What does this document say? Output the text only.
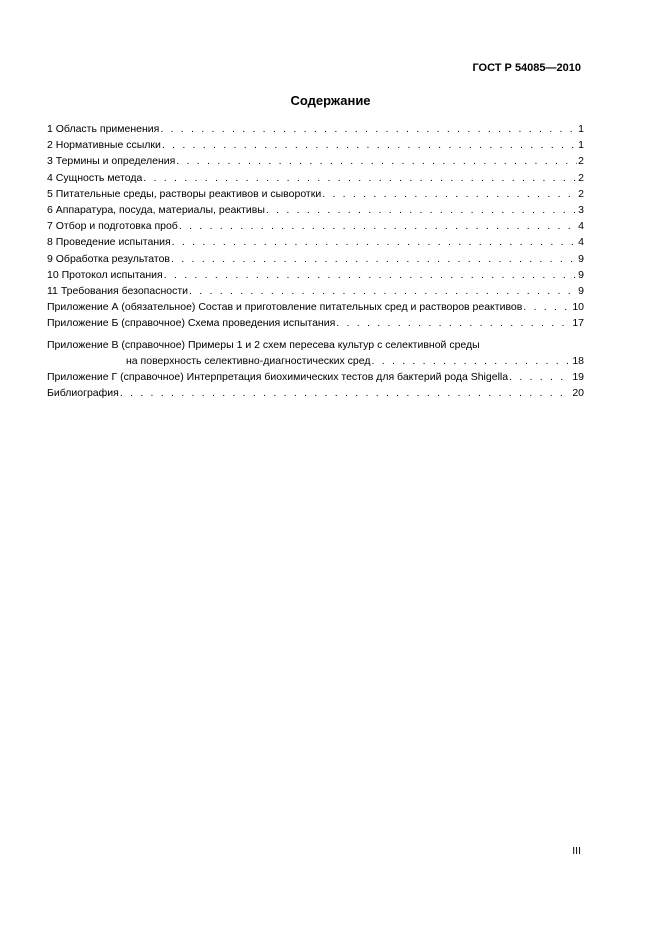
ГОСТ Р 54085—2010
Содержание
1 Область применения . . .	1
2 Нормативные ссылки . . .	1
3 Термины и определения . . .	2
4 Сущность метода . . .	2
5 Питательные среды, растворы реактивов и сыворотки . . .	2
6 Аппаратура, посуда, материалы, реактивы . . .	3
7 Отбор и подготовка проб . . .	4
8 Проведение испытания . . .	4
9 Обработка результатов . . .	9
10 Протокол испытания . . .	9
11 Требования безопасности . . .	9
Приложение А (обязательное) Состав и приготовление питательных сред и растворов реактивов . . .	10
Приложение Б (справочное) Схема проведения испытания . . .	17
Приложение В (справочное) Примеры 1 и 2 схем пересева культур с селективной среды
на поверхность селективно-диагностических сред . . .	18
Приложение Г (справочное) Интерпретация биохимических тестов для бактерий рода Shigella . . .	19
Библиография . . .	20
III
